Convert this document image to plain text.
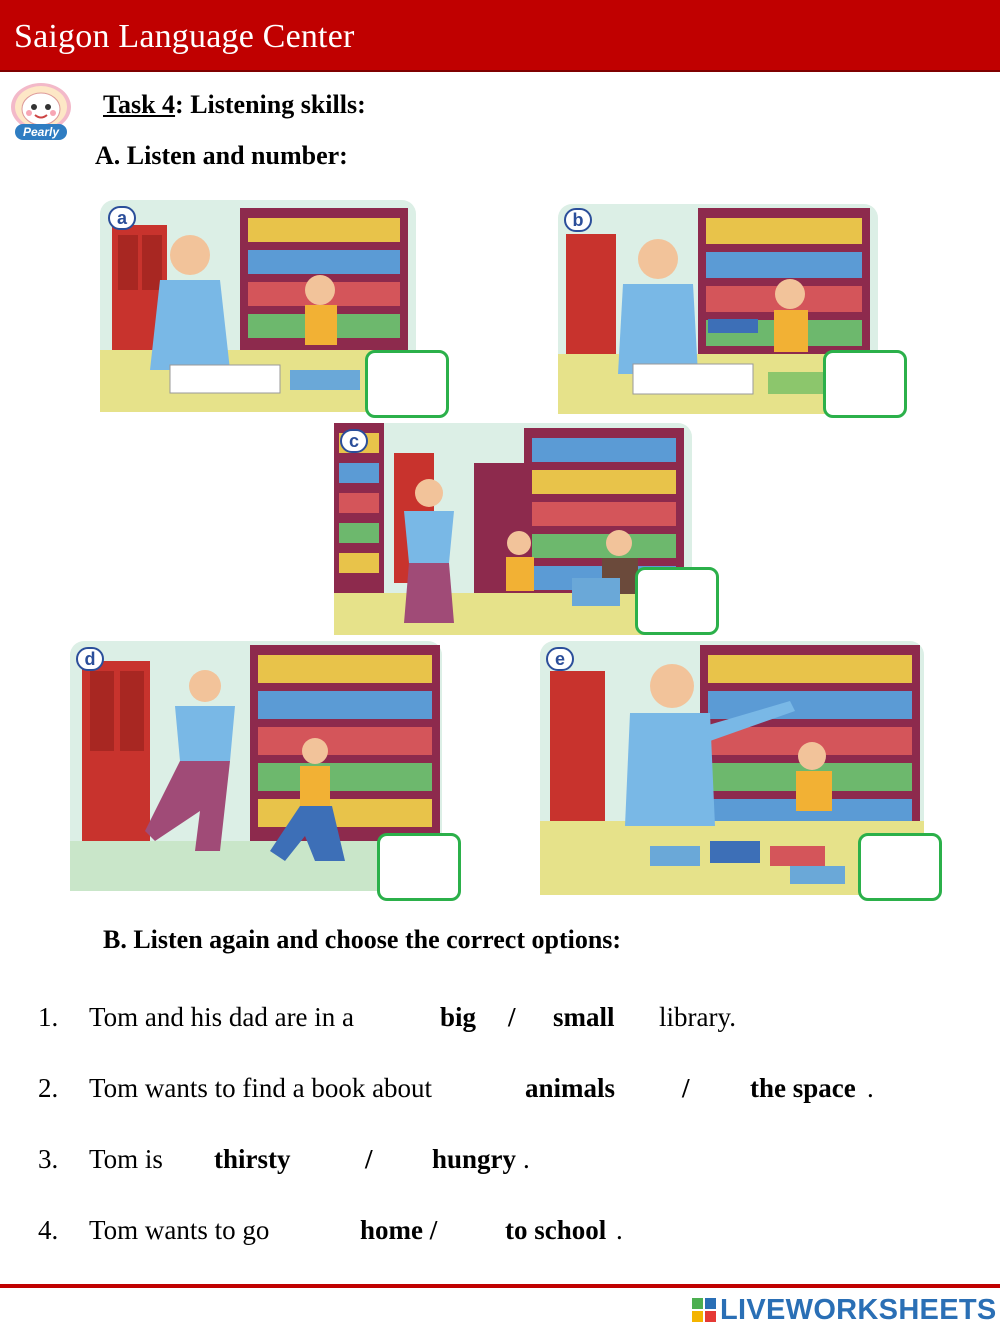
Saigon Language Center
Pearly
Task 4: Listening skills:
A. Listen and number:
a	b
c
d	e
B. Listen again and choose the correct options:
1. Tom and his dad are in a	big / small library.
2. Tom wants to find a book about	animals / the space .
3. Tom is thirsty	/ hungry .
4. Tom wants to go	home /	to school .
LIVEWORKSHEETS
